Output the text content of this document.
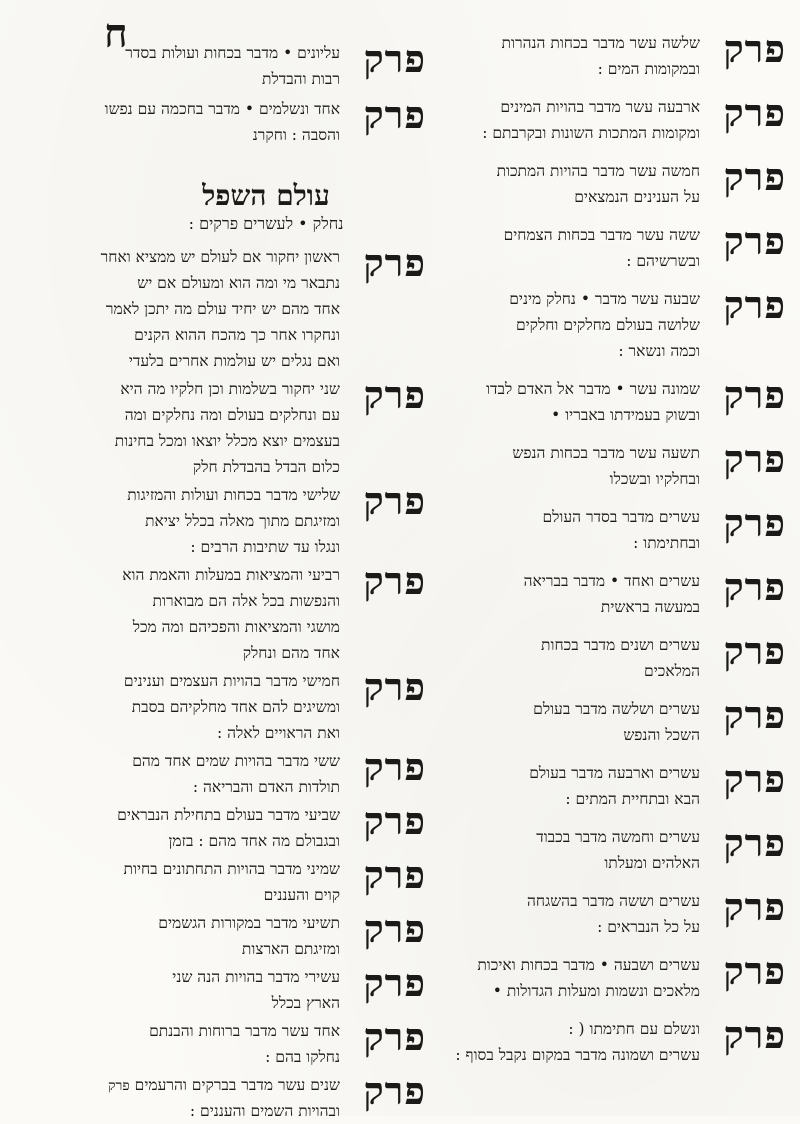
ח
עולם השפל
נחלק • לעשרים פרקים :
פרק
עליונים • מדבר בכחות ועולות בסדר
רבות והבדלת
פרק
אחד ונשלמים • מדבר בחכמה עם נפשו
והסבה : וחקרנ
פרק
ראשון יחקור אם לעולם יש ממציא ואחר
נתבאר מי ומה הוא ומעולם אם יש
אחד מהם יש יחיד עולם מה יתכן לאמר
ונחקרו אחר כך מהכח ההוא הקנים
ואם נגלים יש עולמות אחרים בלעדי
פרק
שני יחקור בשלמות וכן חלקיו מה היא
עם ונחלקים בעולם ומה נחלקים ומה
בעצמים יוצא מכלל יוצאו ומכל בחינות
כלום הבדל בהבדלת חלק
פרק
שלישי מדבר בכחות ועולות והמזיגות
ומזיגתם מתוך מאלה בכלל יציאת
ונגלו עד שתיבות הרבים :
פרק
רביעי והמציאות במעלות והאמת הוא
והנפשות בכל אלה הם מבוארות
מושגי והמציאות והפכיהם ומה מכל
אחד מהם ונחלק
פרק
חמישי מדבר בהויות העצמים וענינים
ומשיגים להם אחד מחלקיהם בסבת
ואת הראויים לאלה :
פרק
ששי מדבר בהויות שמים אחד מהם
תולדות האדם והבריאה :
פרק
שביעי מדבר בעולם בתחילת הנבראים
ובגבולם מה אחד מהם : בזמן
פרק
שמיני מדבר בהויות התחתונים בחיות
קוים והעננים
פרק
תשיעי מדבר במקורות הגשמים
ומזיגתם הארצות
פרק
עשירי מדבר בהויות הנה שני
הארץ בכלל
פרק
אחד עשר מדבר ברוחות והבנתם
נחלקו בהם :
פרק
שנים עשר מדבר בברקים והרעמים
ובהויות השמים והעננים :
פרק
שלשה עשר מדבר בכחות הנהרות
ובמקומות המים :
פרק
ארבעה עשר מדבר בהויות המינים
ומקומות המתכות השונות ובקרבתם :
פרק
חמשה עשר מדבר בהויות המתכות
על הענינים הנמצאים
פרק
ששה עשר מדבר בכחות הצמחים
ובשרשיהם :
פרק
שבעה עשר מדבר • נחלק מינים
שלושה בעולם מחלקים וחלקים
וכמה ונשאר :
פרק
שמונה עשר • מדבר אל האדם לבדו
ובשוק בעמידתו באבריו •
פרק
תשעה עשר מדבר בכחות הנפש
ובחלקיו ובשכלו
פרק
עשרים מדבר בסדר העולם
ובחתימתו :
פרק
עשרים ואחד • מדבר בבריאה
במעשה בראשית
פרק
עשרים ושנים מדבר בכחות
המלאכים
פרק
עשרים ושלשה מדבר בעולם
השכל והנפש
פרק
עשרים וארבעה מדבר בעולם
הבא ובתחיית המתים :
פרק
עשרים וחמשה מדבר בכבוד
האלהים ומעלתו
פרק
עשרים וששה מדבר בהשגחה
על כל הנבראים :
פרק
עשרים ושבעה • מדבר בכחות ואיכות
מלאכים ונשמות ומעלות הגדולות •
פרק
ונשלם עם חתימתו ( :
עשרים ושמונה מדבר במקום נקבל בסוף :
פרק
